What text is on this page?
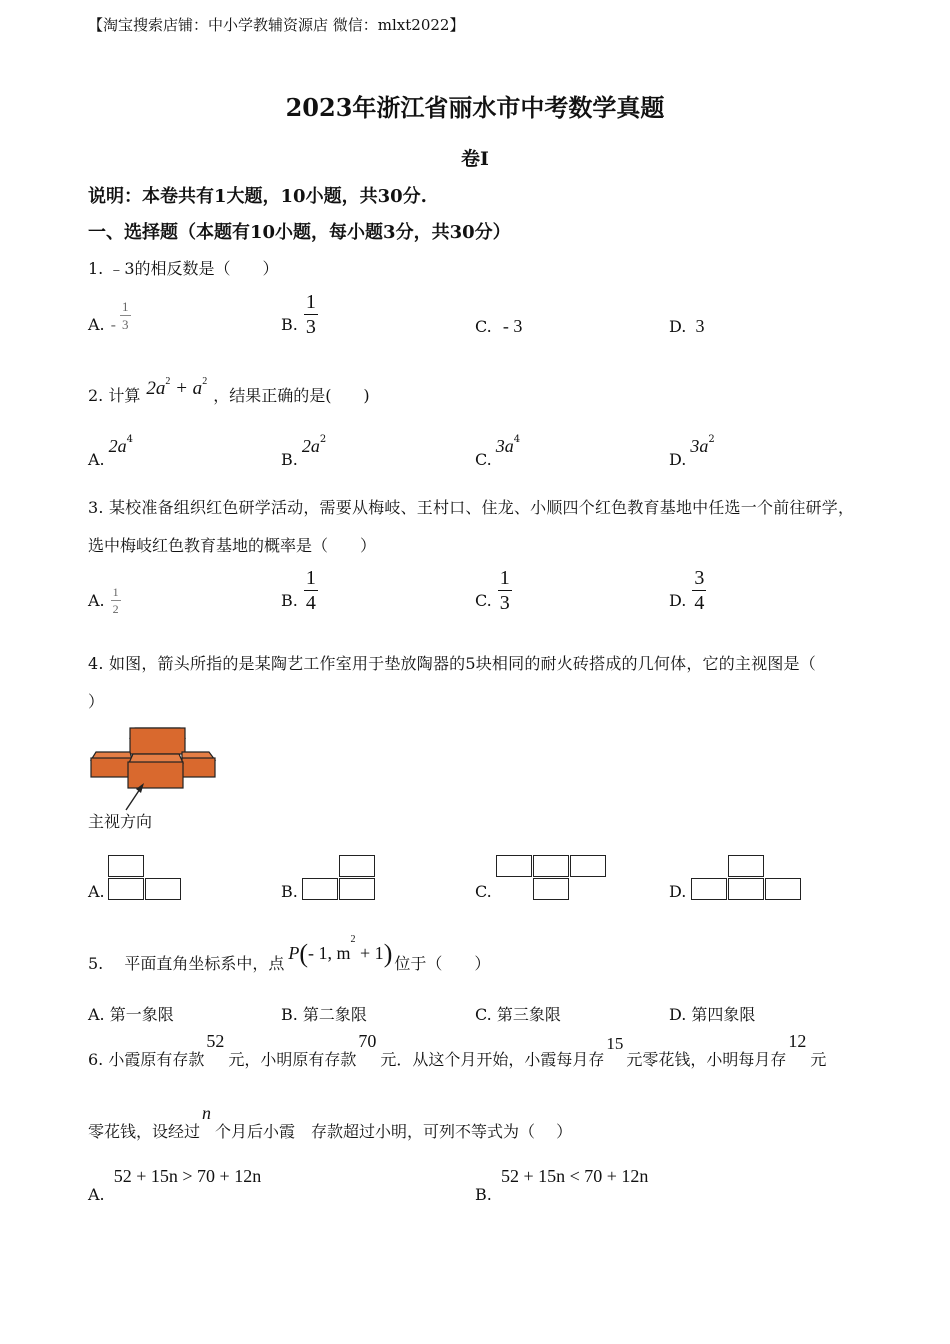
【淘宝搜索店铺：中小学教辅资源店 微信：mlxt2022】
2023年浙江省丽水市中考数学真题
卷Ⅰ
说明：本卷共有1大题，10小题，共30分.
一、选择题（本题有10小题，每小题3分，共30分）
1. ﹣3的相反数是（　　）
A. - $\frac{1}{3}$	B. $\frac{1}{3}$	C. - 3	D. 3
2. 计算 $2a^2 + a^2$
，结果正确的是(　　)
$A.2a^4$
$B.2a^2$
$C.3a^4$
$D.3a^2$
3. 某校准备组织红色研学活动，需要从梅岐、王村口、住龙、小顺四个红色教育基地中任选一个前往研学，
选中梅岐红色教育基地的概率是（　　）
A. $\frac{1}{2}$	B. $\frac{1}{4}$	C. $\frac{1}{3}$	D. $\frac{3}{4}$
4. 如图，箭头所指的是某陶艺工作室用于垫放陶器的5块相同的耐火砖搭成的几何体，它的主视图是（
）
主视方向
A.	B.	C.	D.
5.　 平面直角坐标系中，点
P(- 1, $m^2 + 1$) 位于（　　）
A. 第一象限	B. 第二象限	C. 第三象限	D. 第四象限
6. 小霞原有存款
52
元，小明原有存款
70
元．从这个月开始，小霞每月存
15
元零花钱，小明每月存
12
元
零花钱，设经过
n
个月后小霞　存款超过小明，可列不等式为（　 ）
A. 52 + 15n > 70 + 12n
B. 52 + 15n < 70 + 12n
